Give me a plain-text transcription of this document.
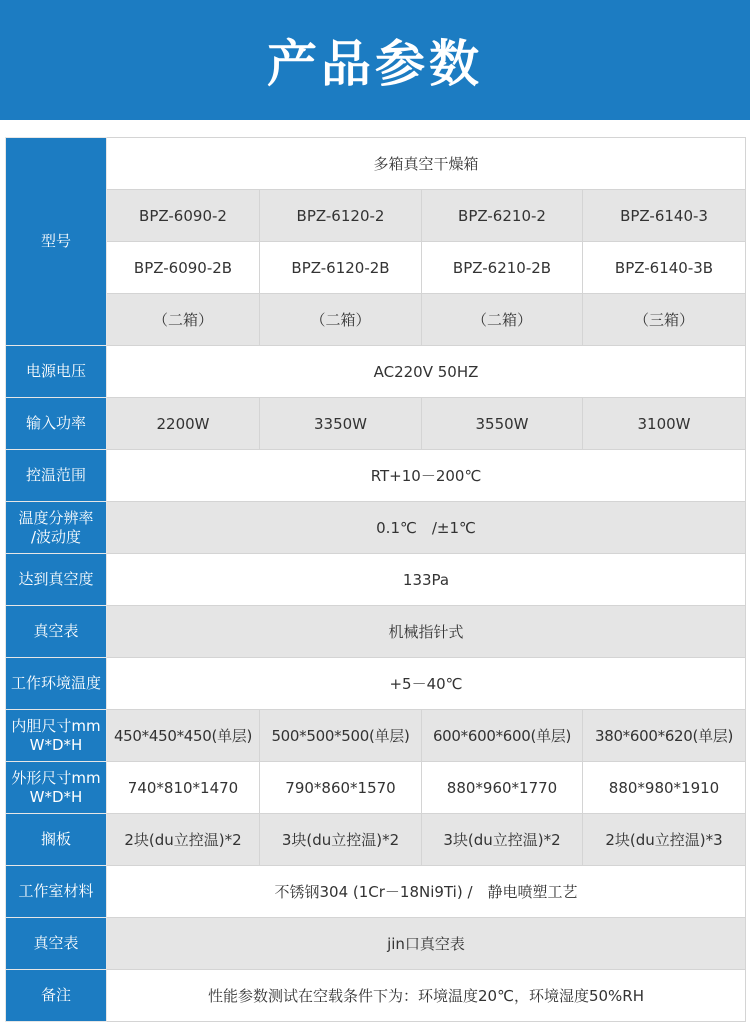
产品参数
型号	多箱真空干燥箱			
	BPZ-6090-2	BPZ-6120-2	BPZ-6210-2	BPZ-6140-3
	BPZ-6090-2B	BPZ-6120-2B	BPZ-6210-2B	BPZ-6140-3B
	（二箱）	（二箱）	（二箱）	（三箱）
电源电压	AC220V 50HZ			
输入功率	2200W	3350W	3550W	3100W
控温范围	RT+10－200℃			
温度分辨率
/波动度	0.1℃　/±1℃			
达到真空度	133Pa			
真空表	机械指针式			
工作环境温度	+5－40℃			
内胆尺寸mm
W*D*H	450*450*450(单层)	500*500*500(单层)	600*600*600(单层)	380*600*620(单层)
外形尺寸mm
W*D*H	740*810*1470	790*860*1570	880*960*1770	880*980*1910
搁板	2块(du立控温)*2	3块(du立控温)*2	3块(du立控温)*2	2块(du立控温)*3
工作室材料	不锈钢304 (1Cr－18Ni9Ti) /　静电喷塑工艺			
真空表	jin口真空表			
备注	性能参数测试在空载条件下为：环境温度20℃，环境湿度50%RH			
